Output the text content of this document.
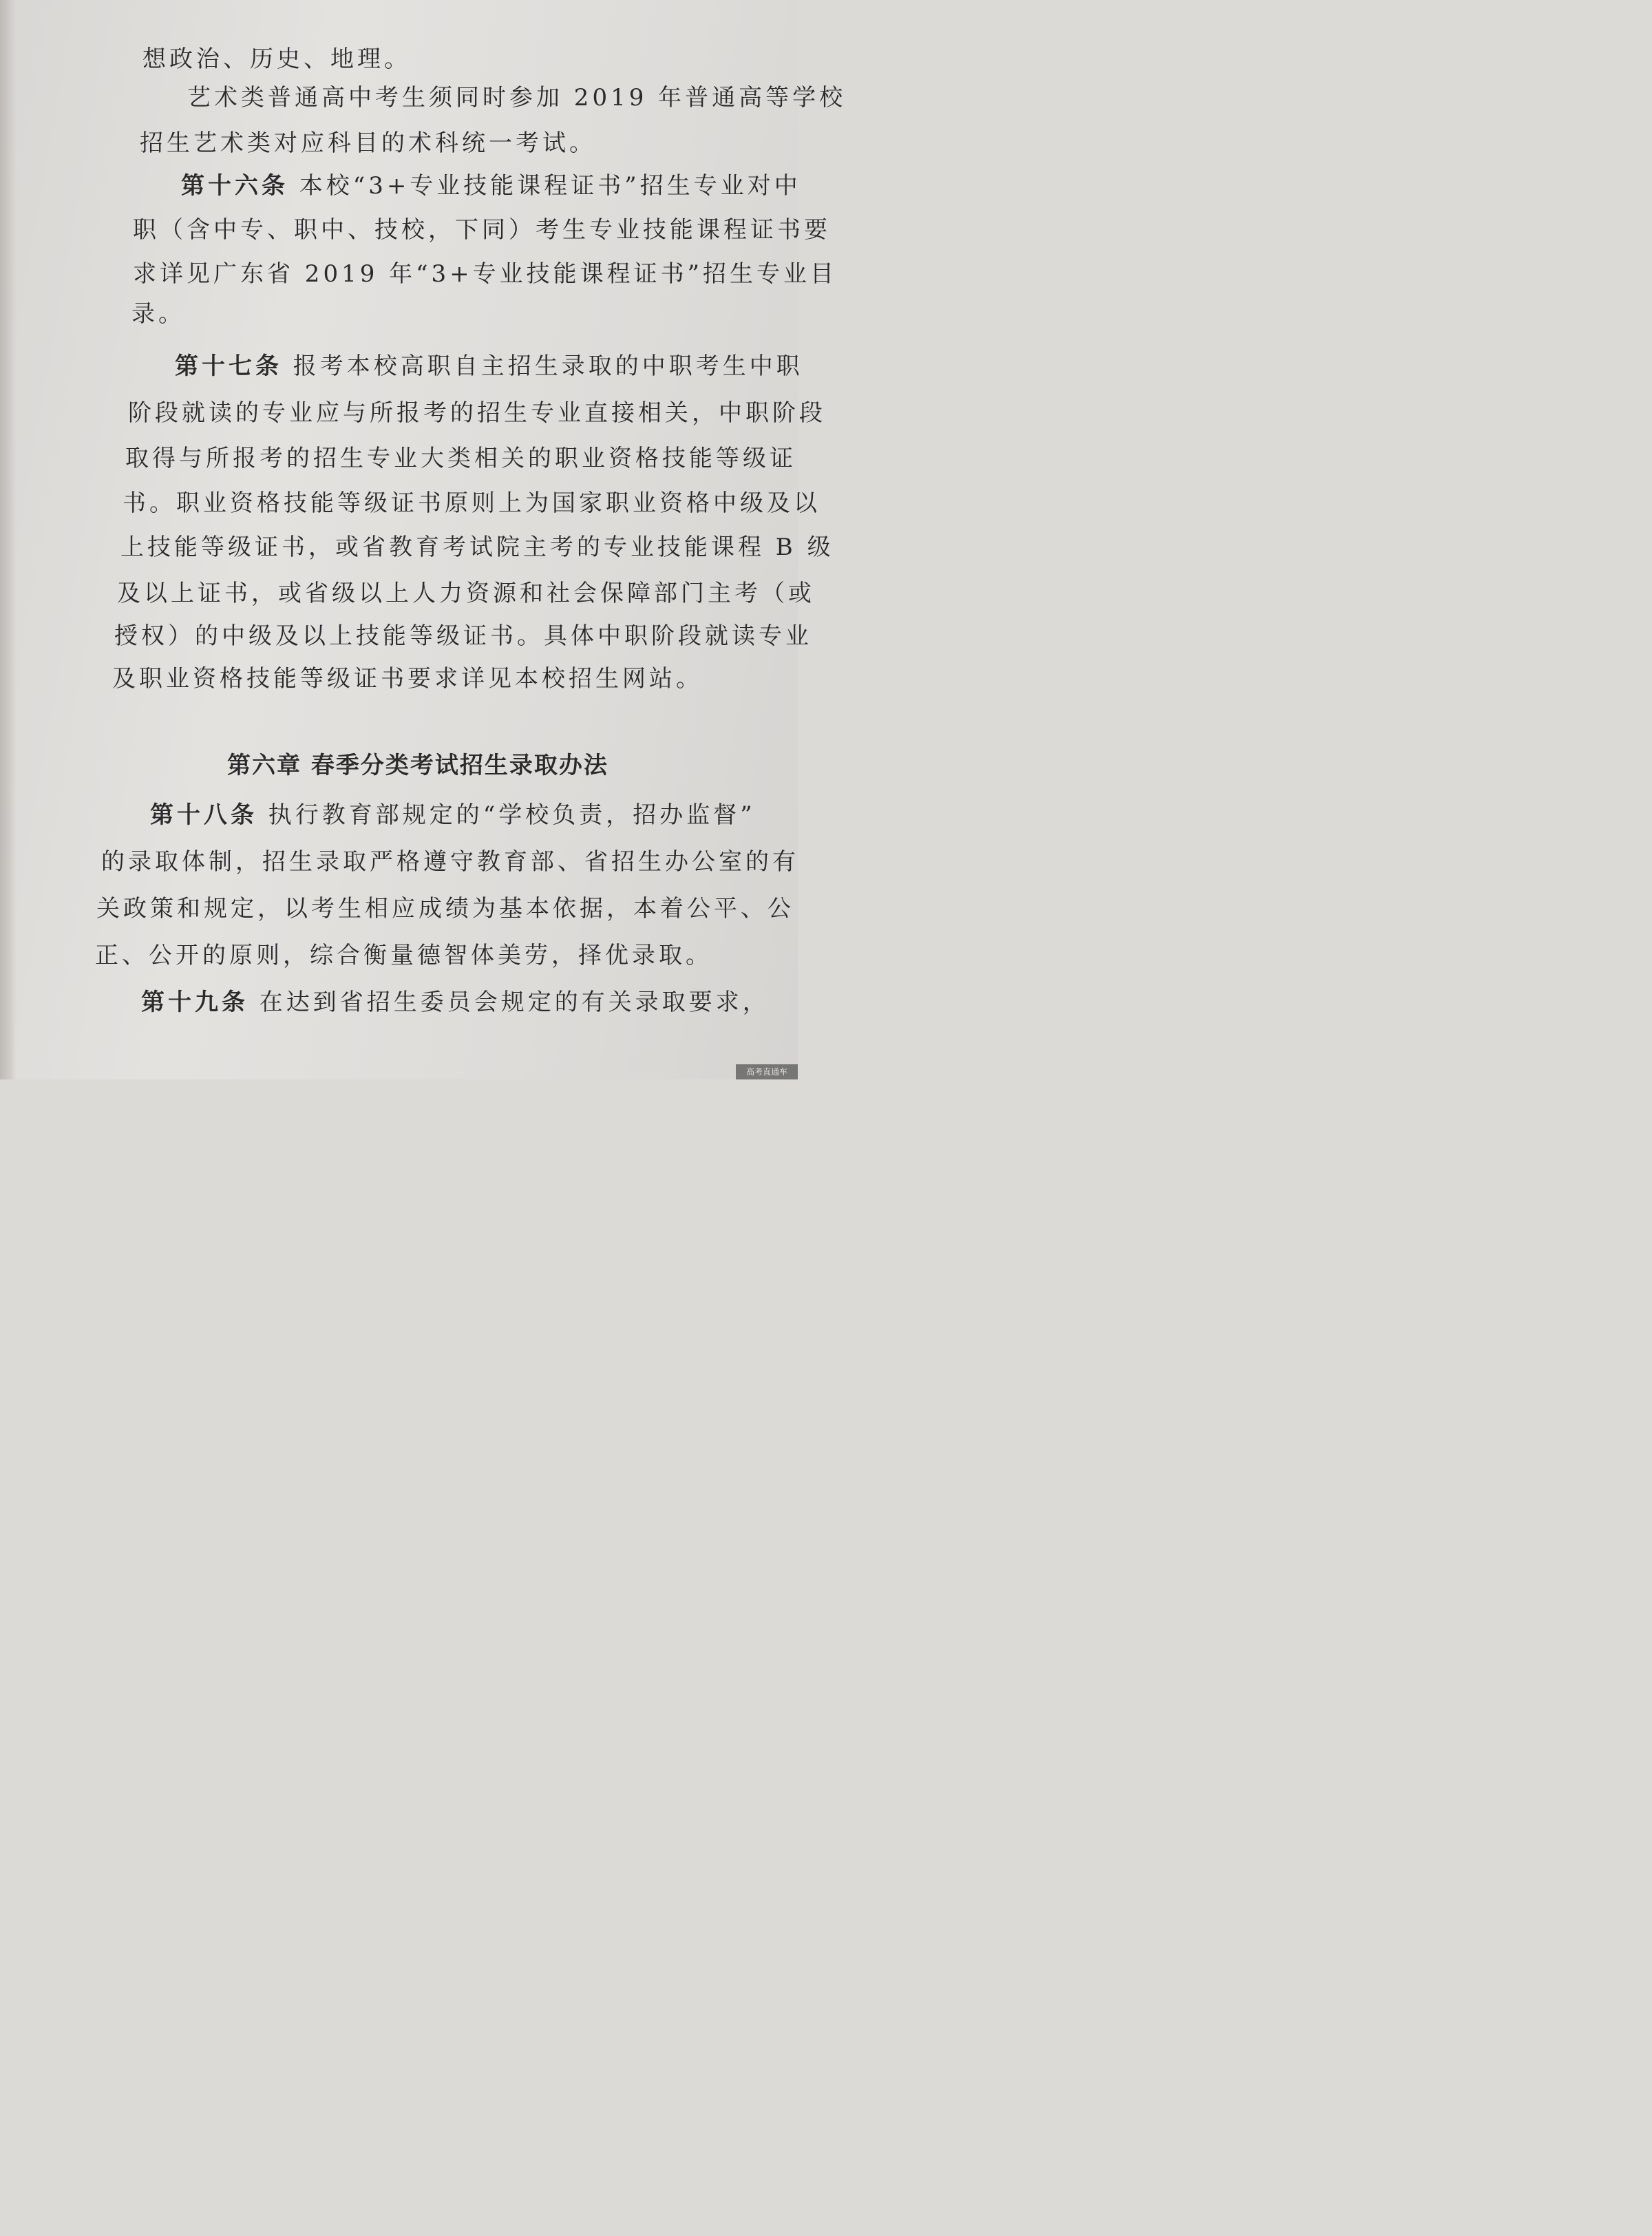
想政治、历史、地理。
艺术类普通高中考生须同时参加 2019 年普通高等学校
招生艺术类对应科目的术科统一考试。
第十六条 本校“3+专业技能课程证书”招生专业对中
职（含中专、职中、技校，下同）考生专业技能课程证书要
求详见广东省 2019 年“3+专业技能课程证书”招生专业目
录。
第十七条 报考本校高职自主招生录取的中职考生中职
阶段就读的专业应与所报考的招生专业直接相关，中职阶段
取得与所报考的招生专业大类相关的职业资格技能等级证
书。职业资格技能等级证书原则上为国家职业资格中级及以
上技能等级证书，或省教育考试院主考的专业技能课程 B 级
及以上证书，或省级以上人力资源和社会保障部门主考（或
授权）的中级及以上技能等级证书。具体中职阶段就读专业
及职业资格技能等级证书要求详见本校招生网站。
第六章 春季分类考试招生录取办法
第十八条 执行教育部规定的“学校负责，招办监督”
的录取体制，招生录取严格遵守教育部、省招生办公室的有
关政策和规定，以考生相应成绩为基本依据，本着公平、公
正、公开的原则，综合衡量德智体美劳，择优录取。
第十九条 在达到省招生委员会规定的有关录取要求，
高考直通车
